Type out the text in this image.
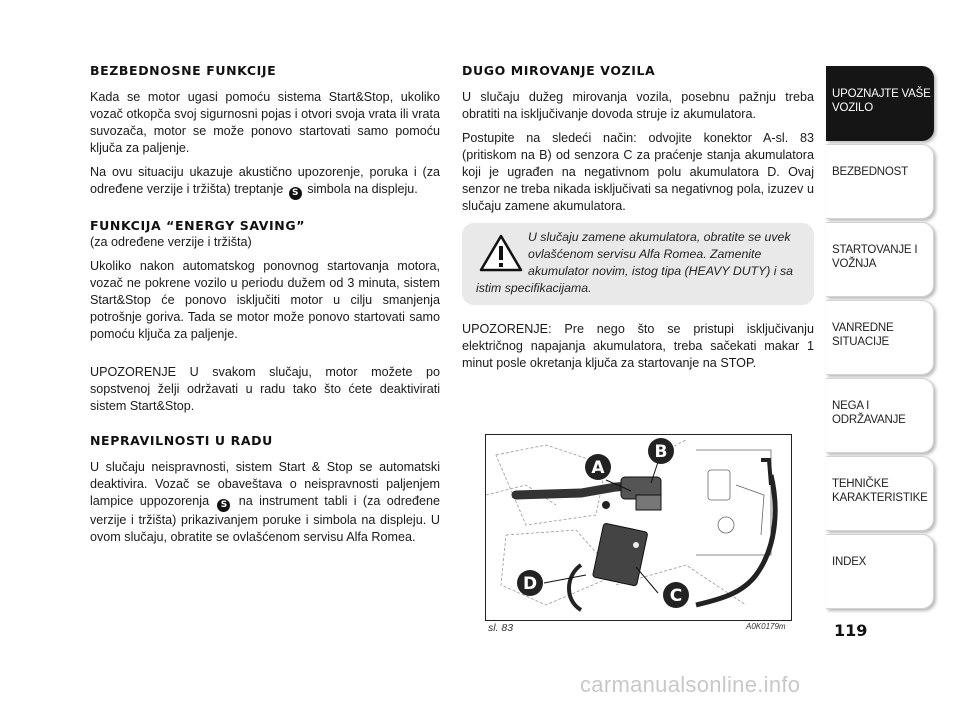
BEZBEDNOSNE FUNKCIJE

Kada se motor ugasi pomoću sistema Start&Stop, ukoliko vozač otkopča svoj sigurnosni pojas i otvori svoja vrata ili vrata suvozača, motor se može ponovo startovati samo pomoću ključa za paljenje.

Na ovu situaciju ukazuje akustično upozorenje, poruka i (za određene verzije i tržišta) treptanje S simbola na displeju.

FUNKCIJA “ENERGY SAVING”

(za određene verzije i tržišta)

Ukoliko nakon automatskog ponovnog startovanja motora, vozač ne pokrene vozilo u periodu dužem od 3 minuta, sistem Start&Stop će ponovo isključiti motor u cilju smanjenja potrošnje goriva. Tada se motor može ponovo startovati samo pomoću ključa za paljenje.

UPOZORENJE U svakom slučaju, motor možete po sopstvenoj želji održavati u radu tako što ćete deaktivirati sistem Start&Stop.

NEPRAVILNOSTI U RADU

U slučaju neispravnosti, sistem Start & Stop se automatski deaktivira. Vozač se obaveštava o neispravnosti paljenjem lampice uppozorenja S na instrument tabli i (za određene verzije i tržišta) prikazivanjem poruke i simbola na displeju. U ovom slučaju, obratite se ovlašćenom servisu Alfa Romea.

DUGO MIROVANJE VOZILA

U slučaju dužeg mirovanja vozila, posebnu pažnju treba obratiti na isključivanje dovoda struje iz akumulatora.

Postupite na sledeći način: odvojite konektor A-sl. 83 (pritiskom na B) od senzora C za praćenje stanja akumulatora koji je ugrađen na negativnom polu akumulatora D. Ovaj senzor ne treba nikada isključivati sa negativnog pola, izuzev u slučaju zamene akumulatora.

U slučaju zamene akumulatora, obratite se uvek ovlašćenom servisu Alfa Romea. Zamenite akumulator novim, istog tipa (HEAVY DUTY) i sa istim specifikacijama.

UPOZORENJE: Pre nego što se pristupi isključivanju električnog napajanja akumulatora, treba sačekati makar 1 minut posle okretanja ključa za startovanje na STOP.

A
B
C
D
sl. 83	A0K0179m
UPOZNAJTE VAŠE VOZILO
BEZBEDNOST
STARTOVANJE I VOŽNJA
VANREDNE SITUACIJE
NEGA I ODRŽAVANJE
TEHNIČKE KARAKTERISTIKE
INDEX
119
carmanualsonline.info
